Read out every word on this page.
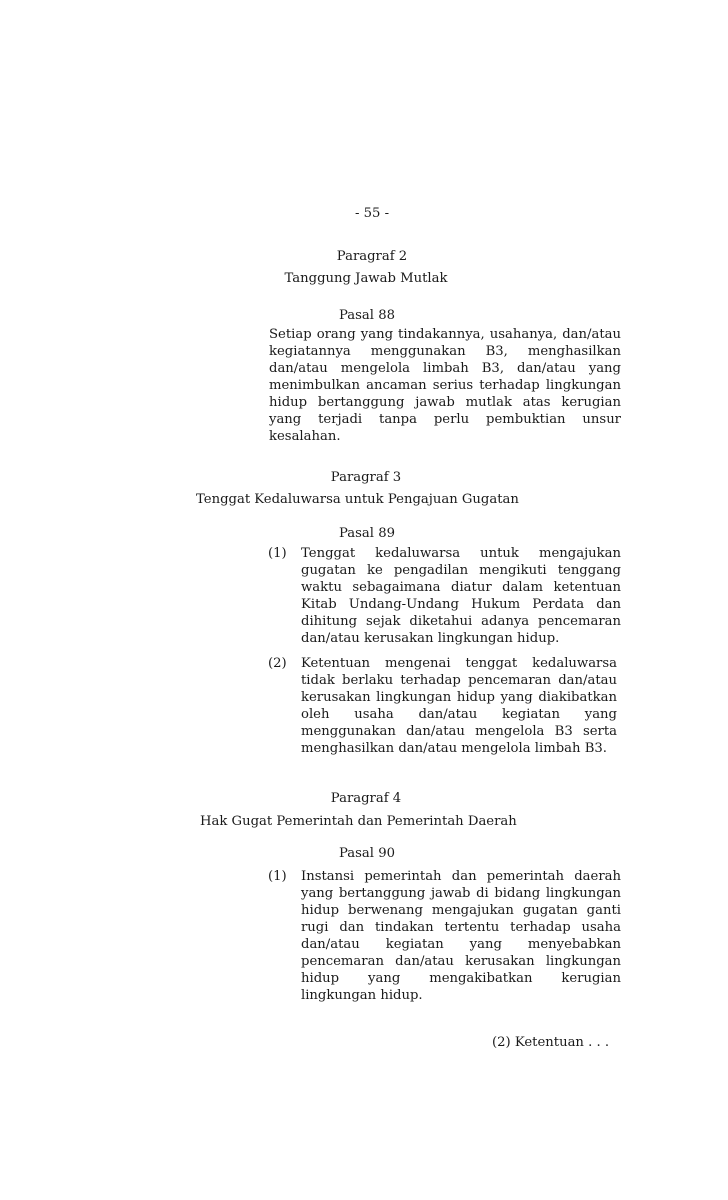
- 55 -
Paragraf 2
Tanggung Jawab Mutlak
Pasal 88
Setiap orang yang tindakannya, usahanya, dan/atau kegiatannya menggunakan B3, menghasilkan dan/atau mengelola limbah B3, dan/atau yang menimbulkan ancaman serius terhadap lingkungan hidup bertanggung jawab mutlak atas kerugian yang terjadi tanpa perlu pembuktian unsur kesalahan.
Paragraf 3
Tenggat Kedaluwarsa untuk Pengajuan Gugatan
Pasal 89
(1) Tenggat kedaluwarsa untuk mengajukan gugatan ke pengadilan mengikuti tenggang waktu sebagaimana diatur dalam ketentuan Kitab Undang-Undang Hukum Perdata dan dihitung sejak diketahui adanya pencemaran dan/atau kerusakan lingkungan hidup.
(2) Ketentuan mengenai tenggat kedaluwarsa tidak berlaku terhadap pencemaran dan/atau kerusakan lingkungan hidup yang diakibatkan oleh usaha dan/atau kegiatan yang menggunakan dan/atau mengelola B3 serta menghasilkan dan/atau mengelola limbah B3.
Paragraf 4
Hak Gugat Pemerintah dan Pemerintah Daerah
Pasal 90
(1) Instansi pemerintah dan pemerintah daerah yang bertanggung jawab di bidang lingkungan hidup berwenang mengajukan gugatan ganti rugi dan tindakan tertentu terhadap usaha dan/atau kegiatan yang menyebabkan pencemaran dan/atau kerusakan lingkungan hidup yang mengakibatkan kerugian lingkungan hidup.
(2) Ketentuan . . .
